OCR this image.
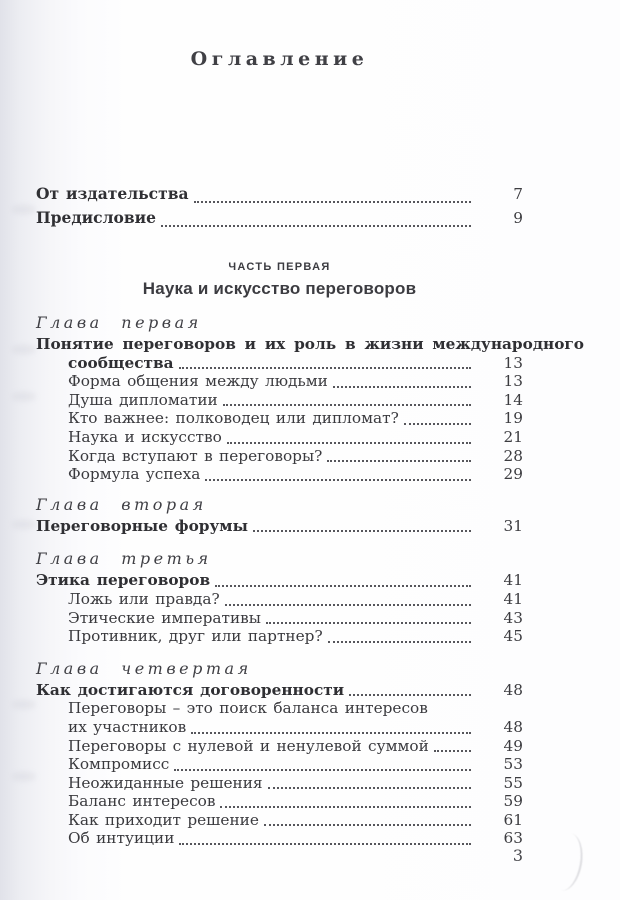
Оглавление
От издательства	7
Предисловие	9
ЧАСТЬ ПЕРВАЯ
Наука и искусство переговоров
Глава первая
Понятие переговоров и их роль в жизни международного
сообщества	13
Форма общения между людьми	13
Душа дипломатии	14
Кто важнее: полководец или дипломат?	19
Наука и искусство	21
Когда вступают в переговоры?	28
Формула успеха	29
Глава вторая
Переговорные форумы	31
Глава третья
Этика переговоров	41
Ложь или правда?	41
Этические императивы	43
Противник, друг или партнер?	45
Глава четвертая
Как достигаются договоренности	48
Переговоры – это поиск баланса интересов
их участников	48
Переговоры с нулевой и ненулевой суммой	49
Компромисс	53
Неожиданные решения	55
Баланс интересов	59
Как приходит решение	61
Об интуиции	63
3
